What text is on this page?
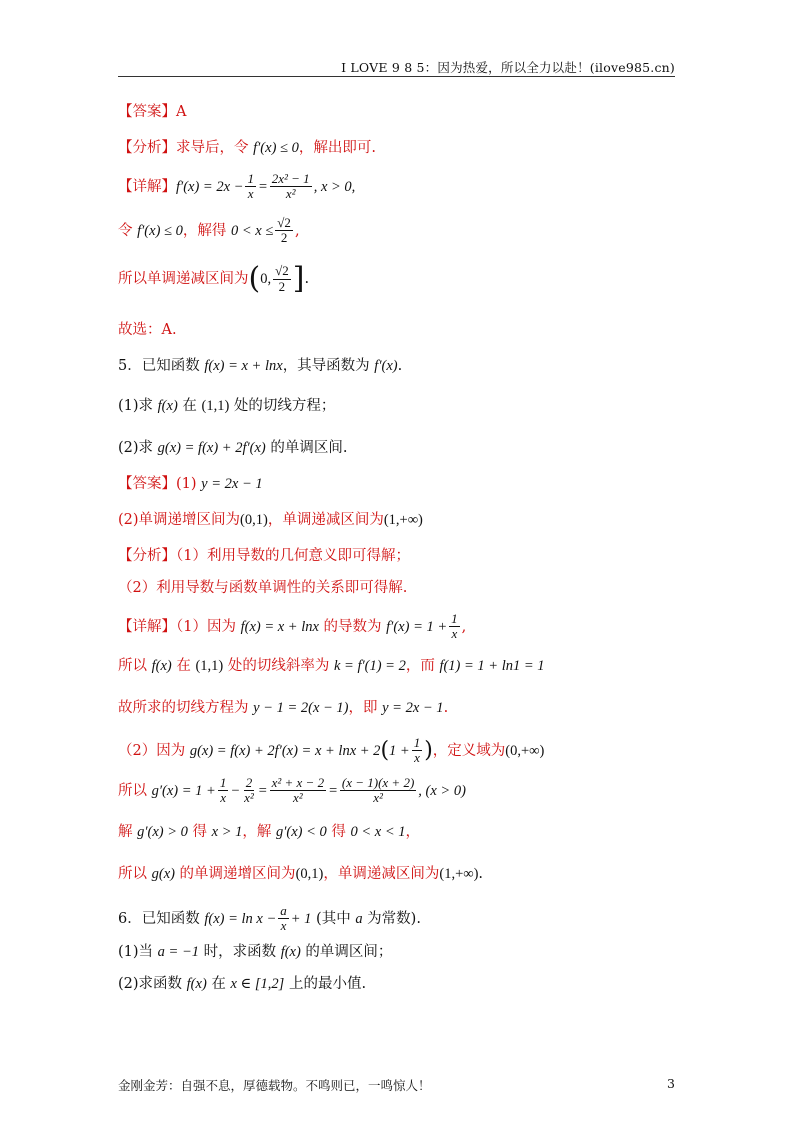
I LOVE 9 8 5：因为热爱，所以全力以赴！(ilove985.cn)
【答案】A
【分析】求导后，令 f′(x) ≤ 0，解出即可.
【详解】$f'(x) = 2x - \frac{1}{x} = \frac{\text{2x² − 1}}{\text{x²}}$ , x > 0,
令 f′(x) ≤ 0，解得 $0 < x \le \frac{√2}{2}$ ,
所以单调递减区间为(0, $\frac{√2}{2}$ ].
故选：A.
5．已知函数 f(x) = x + lnx，其导函数为 f′(x).
(1)求 f(x) 在 (1,1) 处的切线方程；
(2)求 g(x) = f(x) + 2f′(x) 的单调区间.
【答案】(1) y = 2x − 1
(2)单调递增区间为(0,1)，单调递减区间为(1,+∞)
【分析】（1）利用导数的几何意义即可得解；
（2）利用导数与函数单调性的关系即可得解.
【详解】（1）因为 f(x) = x + lnx 的导数为 $f'(x) = 1 + \frac{1}{x}$ ,
所以 f(x) 在 (1,1) 处的切线斜率为 k = f′(1) = 2，而 f(1) = 1 + ln1 = 1
故所求的切线方程为 y − 1 = 2(x − 1)，即 y = 2x − 1.
（2）因为 $g(x) = f(x) + 2f'(x) = x + \ln x + 2(1 + \frac{1}{x}$ )，定义域为(0,+∞)
所以 $g'(x) = 1 + \frac{1}{x} - \frac{2}{\text{x²}} = \frac{\text{x² + x − 2}}{\text{x²}} = \frac{(x - 1)(x + 2)}{\text{x²}}$ , (x > 0)
解 g′(x) > 0 得 x > 1，解 g′(x) < 0 得 0 < x < 1，
所以 g(x) 的单调递增区间为(0,1)，单调递减区间为(1,+∞).
6．已知函数 $f(x) = \ln x - \frac{a}{x} + 1$ (其中 a 为常数).
(1)当 a = −1 时，求函数 f(x) 的单调区间；
(2)求函数 f(x) 在 x ∈ [1,2] 上的最小值.
金刚金芳：自强不息，厚德载物。不鸣则已，一鸣惊人！	3
